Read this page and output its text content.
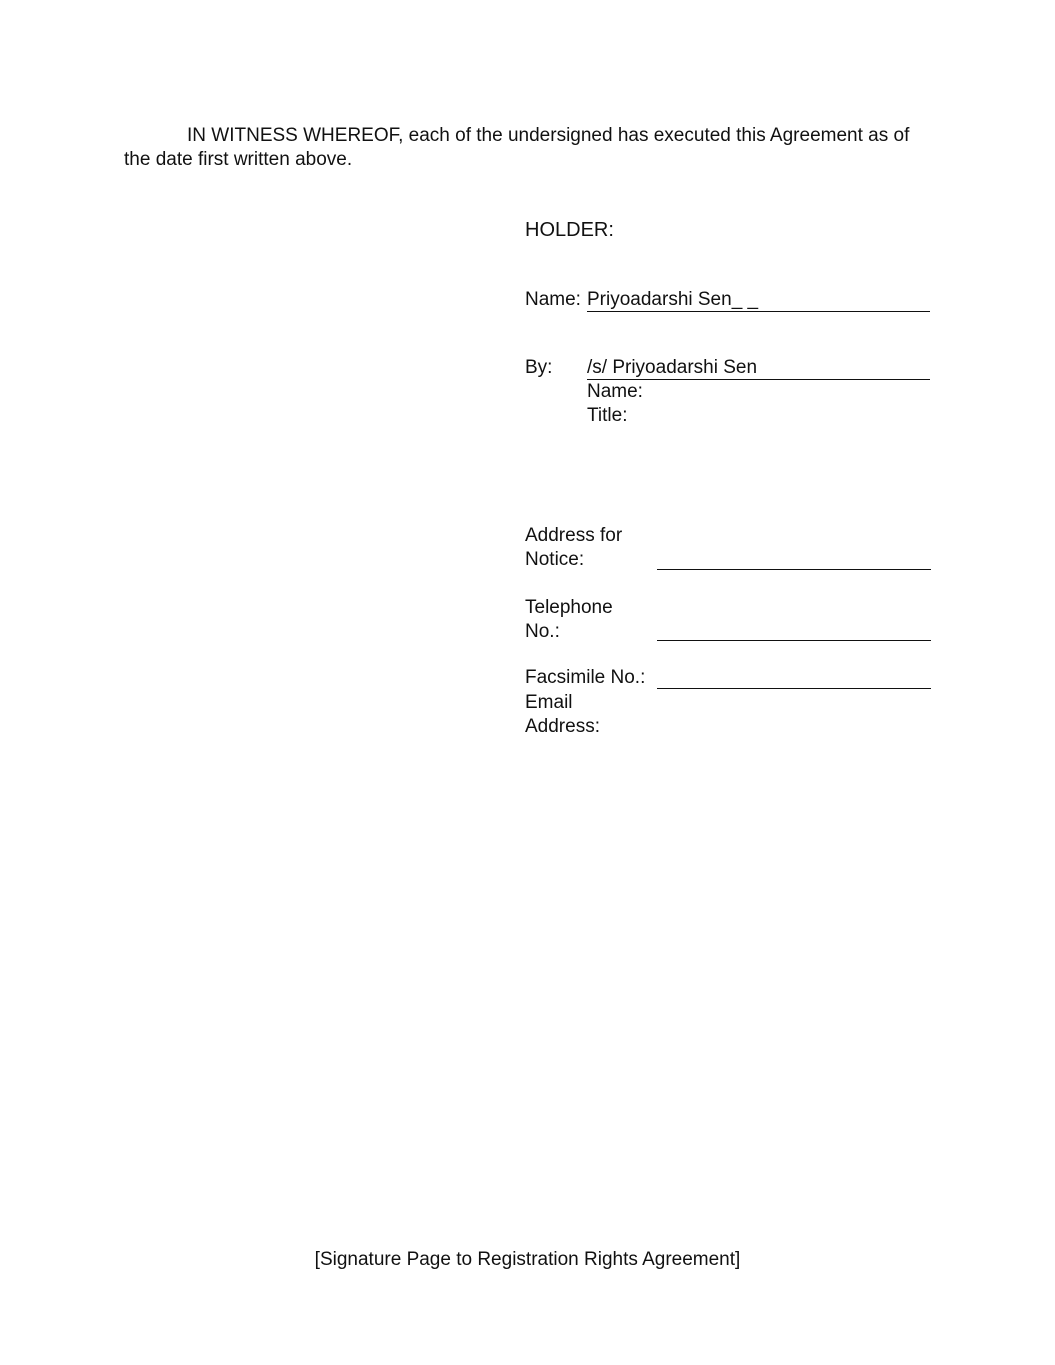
IN WITNESS WHEREOF, each of the undersigned has executed this Agreement as of
the date first written above.
HOLDER:
Name: Priyoadarshi Sen_ _
By: /s/ Priyoadarshi Sen
Name:
Title:
Address for
Notice:
Telephone
No.:
Facsimile No.:
Email
Address:
[Signature Page to Registration Rights Agreement]
